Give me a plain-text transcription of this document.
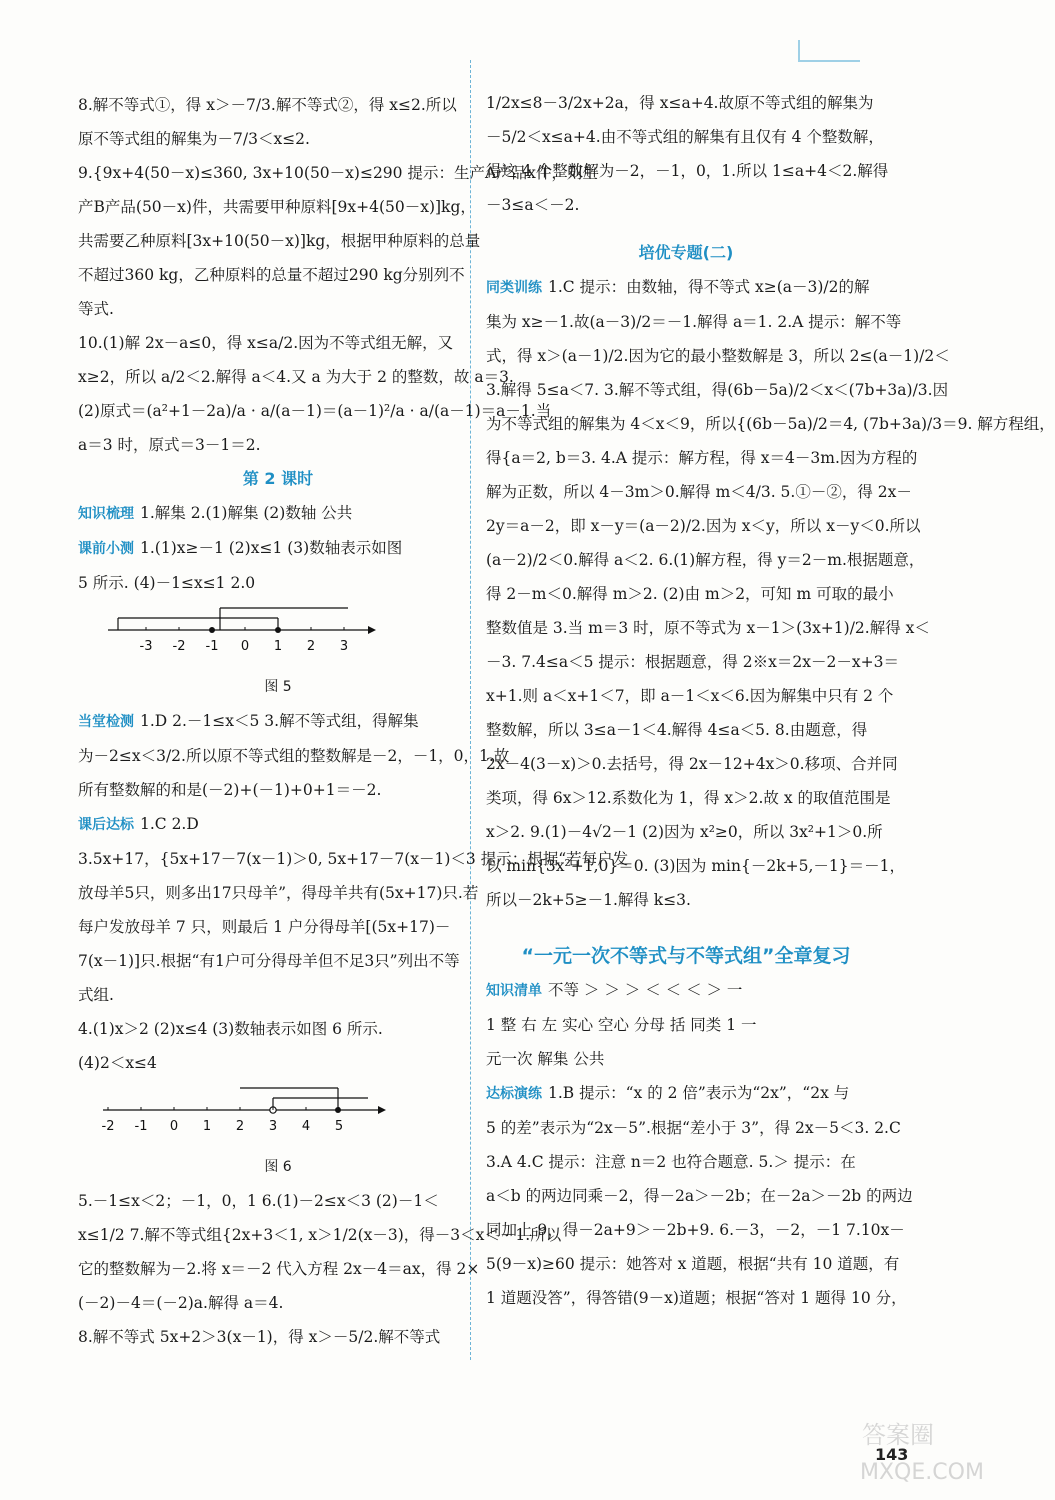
8.解不等式①，得 x＞－7/3.解不等式②，得 x≤2.所以
原不等式组的解集为－7/3＜x≤2.
9.{9x+4(50－x)≤360, 3x+10(50－x)≤290 提示：生产A产品x件，则生
产B产品(50－x)件，共需要甲种原料[9x+4(50－x)]kg，
共需要乙种原料[3x+10(50－x)]kg，根据甲种原料的总量
不超过360 kg，乙种原料的总量不超过290 kg分别列不
等式.
10.(1)解 2x－a≤0，得 x≤a/2.因为不等式组无解，又
x≥2，所以 a/2＜2.解得 a＜4.又 a 为大于 2 的整数，故 a＝3.
(2)原式＝(a²+1－2a)/a · a/(a－1)＝(a－1)²/a · a/(a－1)＝a－1.当
a＝3 时，原式＝3－1＝2.
第 2 课时
知识梳理 1.解集 2.(1)解集 (2)数轴 公共
课前小测 1.(1)x≥－1 (2)x≤1 (3)数轴表示如图
5 所示. (4)－1≤x≤1 2.0
-3 -2 -1 0 1 2 3
图 5
当堂检测 1.D 2.－1≤x＜5 3.解不等式组，得解集
为－2≤x＜3/2.所以原不等式组的整数解是－2，－1，0，1.故
所有整数解的和是(－2)+(－1)+0+1＝－2.
课后达标 1.C 2.D
3.5x+17，{5x+17－7(x－1)＞0, 5x+17－7(x－1)＜3 提示：根据“若每户发
放母羊5只，则多出17只母羊”，得母羊共有(5x+17)只.若
每户发放母羊 7 只，则最后 1 户分得母羊[(5x+17)－
7(x－1)]只.根据“有1户可分得母羊但不足3只”列出不等
式组.
4.(1)x＞2 (2)x≤4 (3)数轴表示如图 6 所示.
(4)2＜x≤4
-2 -1 0 1 2 3 4 5
图 6
5.－1≤x＜2；－1，0，1 6.(1)－2≤x＜3 (2)－1＜
x≤1/2 7.解不等式组{2x+3＜1, x＞1/2(x－3)，得－3＜x＜－1.所以
它的整数解为－2.将 x＝－2 代入方程 2x－4＝ax，得 2×
(－2)－4＝(－2)a.解得 a＝4.
8.解不等式 5x+2＞3(x－1)，得 x＞－5/2.解不等式
1/2x≤8－3/2x+2a，得 x≤a+4.故原不等式组的解集为
－5/2＜x≤a+4.由不等式组的解集有且仅有 4 个整数解，
得这 4 个整数解为－2，－1，0，1.所以 1≤a+4＜2.解得
－3≤a＜－2.
培优专题(二)
同类训练 1.C 提示：由数轴，得不等式 x≥(a－3)/2的解
集为 x≥－1.故(a－3)/2＝－1.解得 a＝1. 2.A 提示：解不等
式，得 x＞(a－1)/2.因为它的最小整数解是 3，所以 2≤(a－1)/2＜
3.解得 5≤a＜7. 3.解不等式组，得(6b－5a)/2＜x＜(7b+3a)/3.因
为不等式组的解集为 4＜x＜9，所以{(6b－5a)/2＝4, (7b+3a)/3＝9. 解方程组，
得{a＝2, b＝3. 4.A 提示：解方程，得 x＝4－3m.因为方程的
解为正数，所以 4－3m＞0.解得 m＜4/3. 5.①－②，得 2x－
2y＝a－2，即 x－y＝(a－2)/2.因为 x＜y，所以 x－y＜0.所以
(a－2)/2＜0.解得 a＜2. 6.(1)解方程，得 y＝2－m.根据题意，
得 2－m＜0.解得 m＞2. (2)由 m＞2，可知 m 可取的最小
整数值是 3.当 m＝3 时，原不等式为 x－1＞(3x+1)/2.解得 x＜
－3. 7.4≤a＜5 提示：根据题意，得 2※x＝2x－2－x+3＝
x+1.则 a＜x+1＜7，即 a－1＜x＜6.因为解集中只有 2 个
整数解，所以 3≤a－1＜4.解得 4≤a＜5. 8.由题意，得
2x－4(3－x)＞0.去括号，得 2x－12+4x＞0.移项、合并同
类项，得 6x＞12.系数化为 1，得 x＞2.故 x 的取值范围是
x＞2. 9.(1)－4√2－1 (2)因为 x²≥0，所以 3x²+1＞0.所
以 min{3x²+1,0}＝0. (3)因为 min{－2k+5,－1}＝－1，
所以－2k+5≥－1.解得 k≤3.
“一元一次不等式与不等式组”全章复习
知识清单 不等 ＞ ＞ ＞ ＜ ＜ ＜ ＞ 一
1 整 右 左 实心 空心 分母 括 同类 1 一
元一次 解集 公共
达标演练 1.B 提示：“x 的 2 倍”表示为“2x”，“2x 与
5 的差”表示为“2x－5”.根据“差小于 3”，得 2x－5＜3. 2.C
3.A 4.C 提示：注意 n＝2 也符合题意. 5.＞ 提示：在
a＜b 的两边同乘－2，得－2a＞－2b；在－2a＞－2b 的两边
同加上 9，得－2a+9＞－2b+9. 6.－3，－2，－1 7.10x－
5(9－x)≥60 提示：她答对 x 道题，根据“共有 10 道题，有
1 道题没答”，得答错(9－x)道题；根据“答对 1 题得 10 分，
答案圈
143
MXQE.COM
